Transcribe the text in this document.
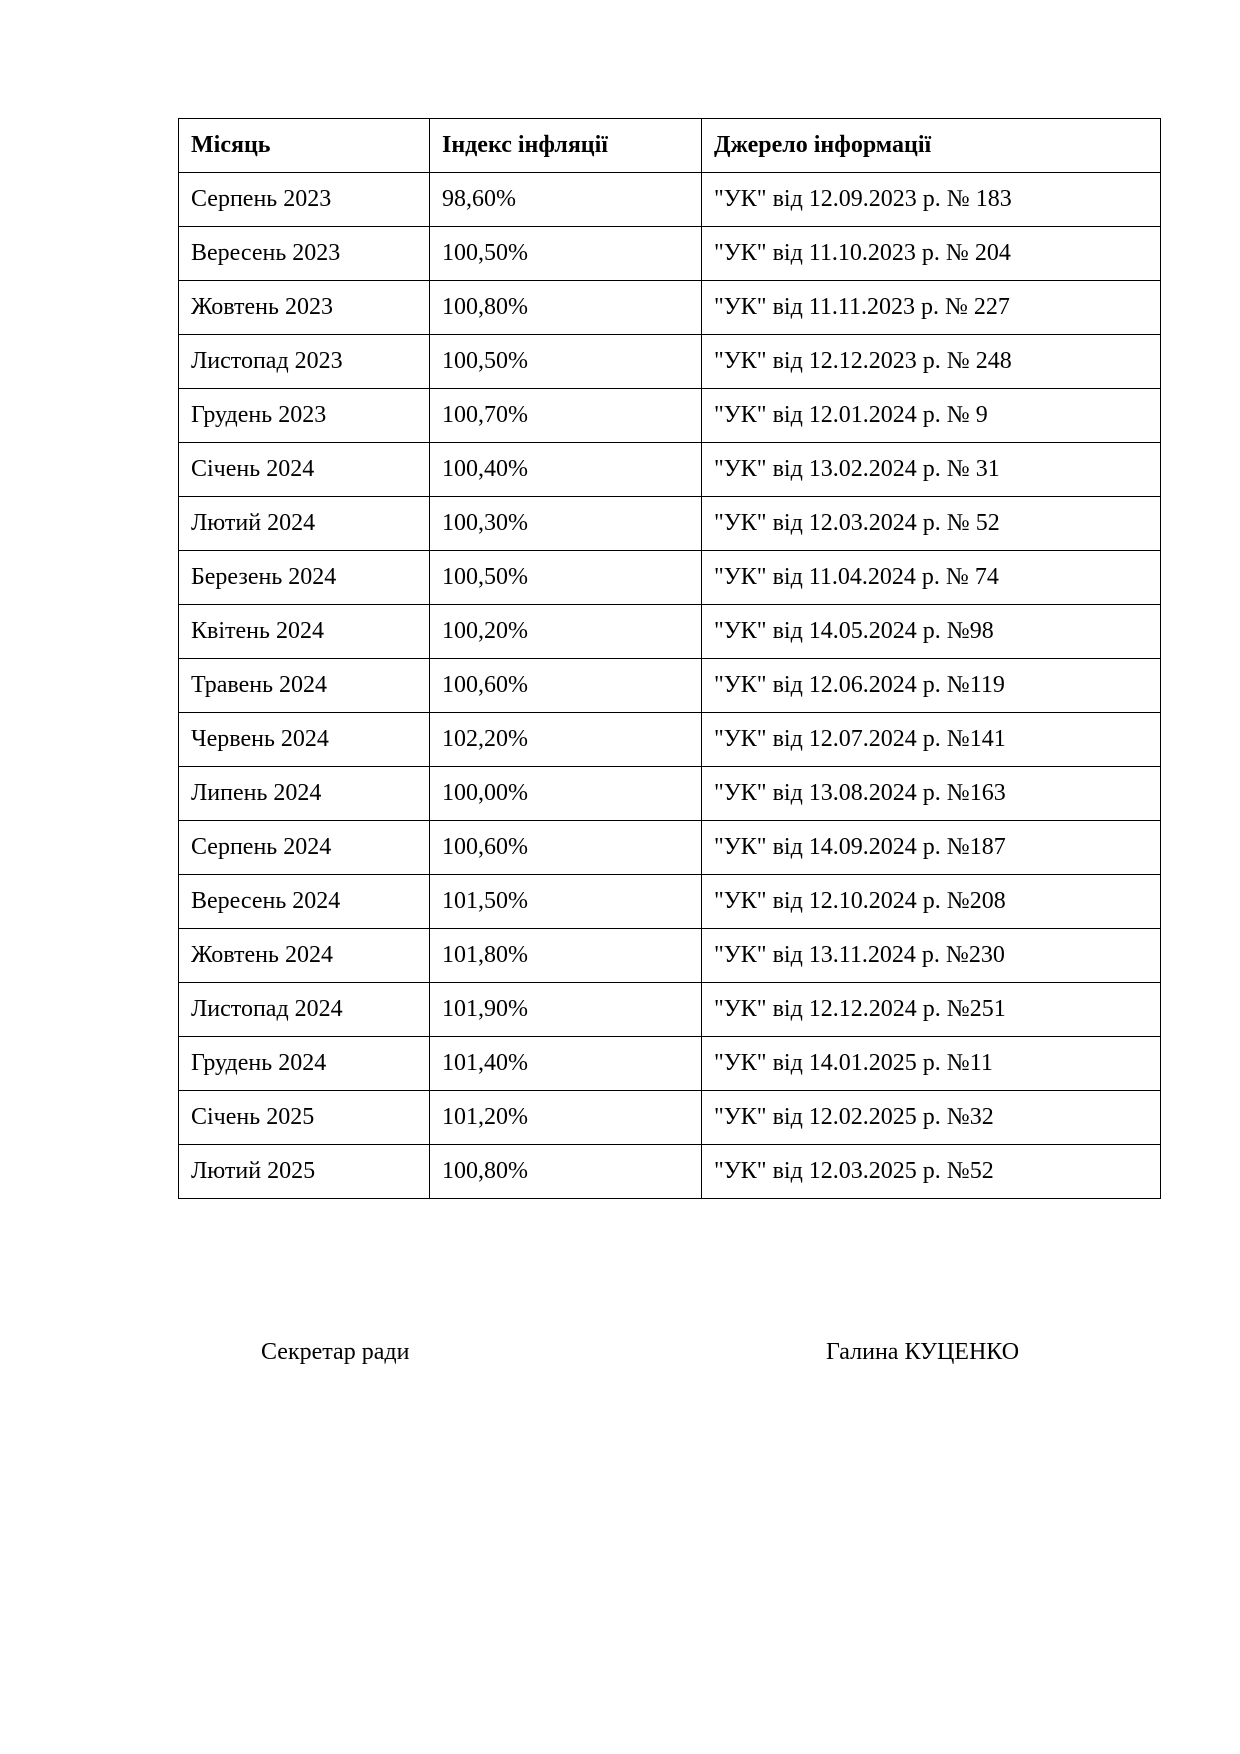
Місяць	Індекс інфляції	Джерело інформації
Серпень 2023	98,60%	"УК" від 12.09.2023 р. № 183
Вересень 2023	100,50%	"УК" від 11.10.2023 р. № 204
Жовтень 2023	100,80%	"УК" від 11.11.2023 р. № 227
Листопад 2023	100,50%	"УК" від 12.12.2023 р. № 248
Грудень 2023	100,70%	"УК" від 12.01.2024 р. № 9
Січень 2024	100,40%	"УК" від 13.02.2024 р. № 31
Лютий 2024	100,30%	"УК" від 12.03.2024 р. № 52
Березень 2024	100,50%	"УК" від 11.04.2024 р. № 74
Квітень 2024	100,20%	"УК" від 14.05.2024 р. №98
Травень 2024	100,60%	"УК" від 12.06.2024 р. №119
Червень 2024	102,20%	"УК" від 12.07.2024 р. №141
Липень 2024	100,00%	"УК" від 13.08.2024 р. №163
Серпень 2024	100,60%	"УК" від 14.09.2024 р. №187
Вересень 2024	101,50%	"УК" від 12.10.2024 р. №208
Жовтень 2024	101,80%	"УК" від 13.11.2024 р. №230
Листопад 2024	101,90%	"УК" від 12.12.2024 р. №251
Грудень 2024	101,40%	"УК" від 14.01.2025 р. №11
Січень 2025	101,20%	"УК" від 12.02.2025 р. №32
Лютий 2025	100,80%	"УК" від 12.03.2025 р. №52
Секретар ради	Галина КУЦЕНКО
